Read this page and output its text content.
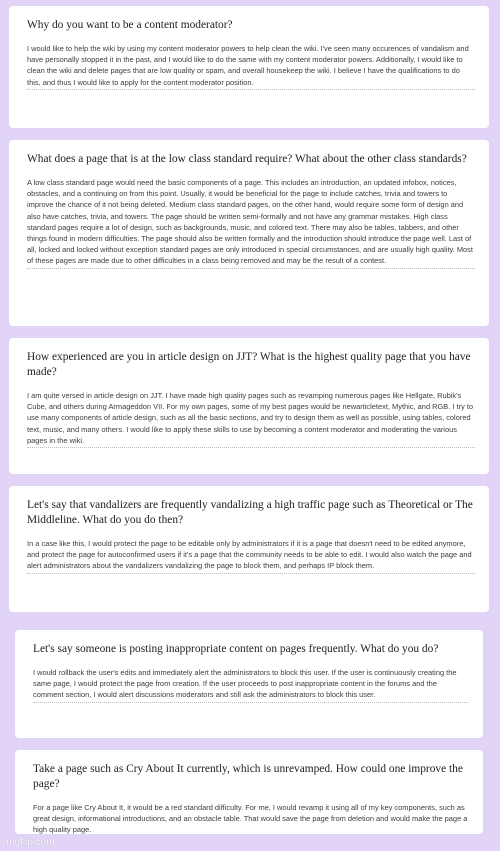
Why do you want to be a content moderator?

I would like to help the wiki by using my content moderator powers to help clean the wiki. I've seen many occurences of vandalism and have personally stopped it in the past, and I would like to do the same with my content moderator powers. Additionally, I would like to clean the wiki and delete pages that are low quality or spam, and overall housekeep the wiki. I believe I have the qualifications to do this, and thus I would like to apply for the content moderator position.

What does a page that is at the low class standard require? What about the other class standards?

A low class standard page would need the basic components of a page. This includes an introduction, an updated infobox, notices, obstacles, and a continuing on from this point. Usually, it would be beneficial for the page to include catches, trivia and towers to improve the chance of it not being deleted. Medium class standard pages, on the other hand, would require some form of design and also have catches, trivia, and towers. The page should be written semi-formally and not have any grammar mistakes. High class standard pages require a lot of design, such as backgrounds, music, and colored text. There may also be tables, tabbers, and other things found in modern difficulties. The page should also be written formally and the introduction should introduce the page well. Last of all, locked and locked without exception standard pages are only introduced in special circumstances, and are usually high quality. Most of these pages are made due to other difficulties in a class being removed and may be the result of a contest.

How experienced are you in article design on JJT? What is the highest quality page that you have made?

I am quite versed in article design on JJT. I have made high quality pages such as revamping numerous pages like Hellgate, Rubik's Cube, and others during Armageddon VII. For my own pages, some of my best pages would be newarticletext, Mythic, and RGB. I try to use many components of article design, such as all the basic sections, and try to design them as well as possible, using tables, colored text, music, and many others. I would like to apply these skills to use by becoming a content moderator and moderating the various pages in the wiki.

Let's say that vandalizers are frequently vandalizing a high traffic page such as Theoretical or The Middleline. What do you do then?

In a case like this, I would protect the page to be editable only by administrators if it is a page that doesn't need to be edited anymore, and protect the page for autoconfirmed users if it's a page that the community needs to be able to edit. I would also watch the page and alert administrators about the vandalizers vandalizing the page to block them, and perhaps IP block them.

Let's say someone is posting inappropriate content on pages frequently. What do you do?

I would rollback the user's edits and immediately alert the administrators to block this user. If the user is continuously creating the same page, I would protect the page from creation. If the user proceeds to post inappropriate content in the forums and the comment section, I would alert discussions moderators and still ask the administrators to block this user.

Take a page such as Cry About It currently, which is unrevamped. How could one improve the page?

For a page like Cry About It, it would be a red standard difficulty. For me, I would revamp it using all of my key components, such as great design, informational introductions, and an obstacle table. That would save the page from deletion and would make the page a high quality page.

imgflip.com
